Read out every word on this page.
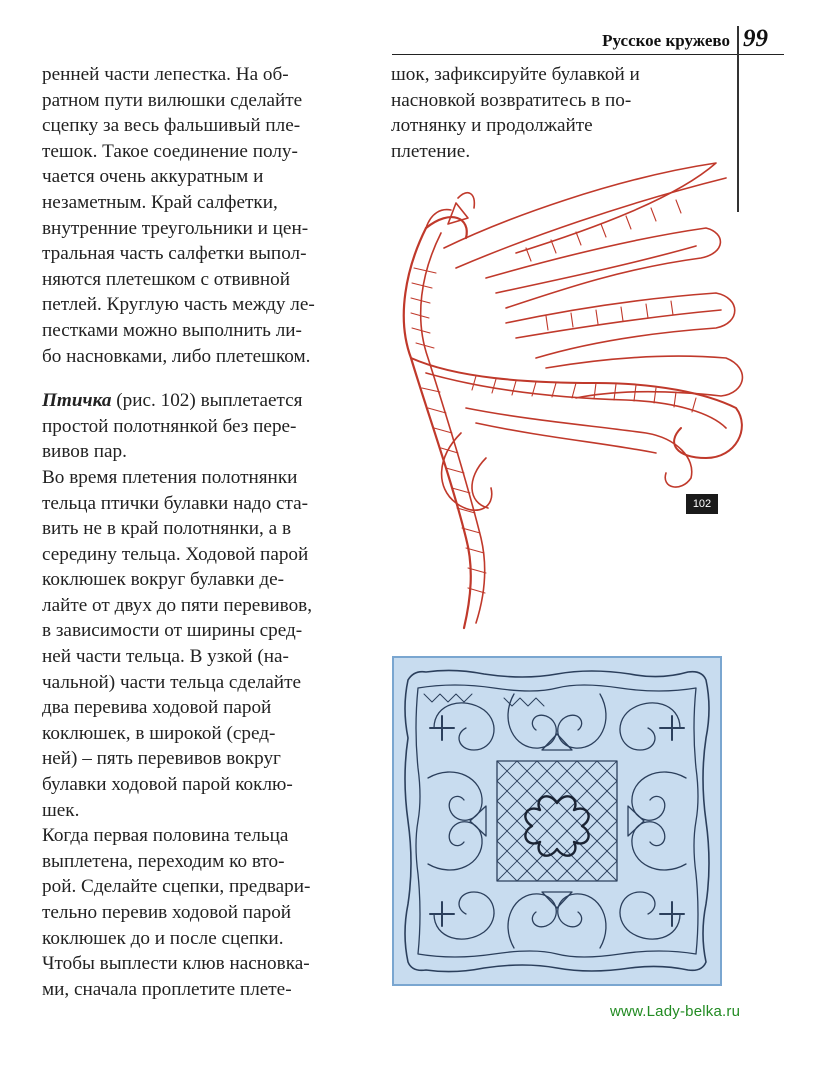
Русское кружево 99

ренней части лепестка. На об-
ратном пути вилюшки сделайте
сцепку за весь фальшивый пле-
тешок. Такое соединение полу-
чается очень аккуратным и
незаметным. Край салфетки,
внутренние треугольники и цен-
тральная часть салфетки выпол-
няются плетешком с отвивной
петлей. Круглую часть между ле-
пестками можно выполнить ли-
бо насновками, либо плетешком.

Птичка (рис. 102) выплетается
простой полотнянкой без пере-
вивов пар.
Во время плетения полотнянки
тельца птички булавки надо ста-
вить не в край полотнянки, а в
середину тельца. Ходовой парой
коклюшек вокруг булавки де-
лайте от двух до пяти перевивов,
в зависимости от ширины сред-
ней части тельца. В узкой (на-
чальной) части тельца сделайте
два перевива ходовой парой
коклюшек, в широкой (сред-
ней) – пять перевивов вокруг
булавки ходовой парой коклю-
шек.
Когда первая половина тельца
выплетена, переходим ко вто-
рой. Сделайте сцепки, предвари-
тельно перевив ходовой парой
коклюшек до и после сцепки.
Чтобы выплести клюв насновка-
ми, сначала проплетите плете-

шок, зафиксируйте булавкой и
насновкой возвратитесь в по-
лотнянку и продолжайте
плетение.

102
www.Lady-belka.ru
